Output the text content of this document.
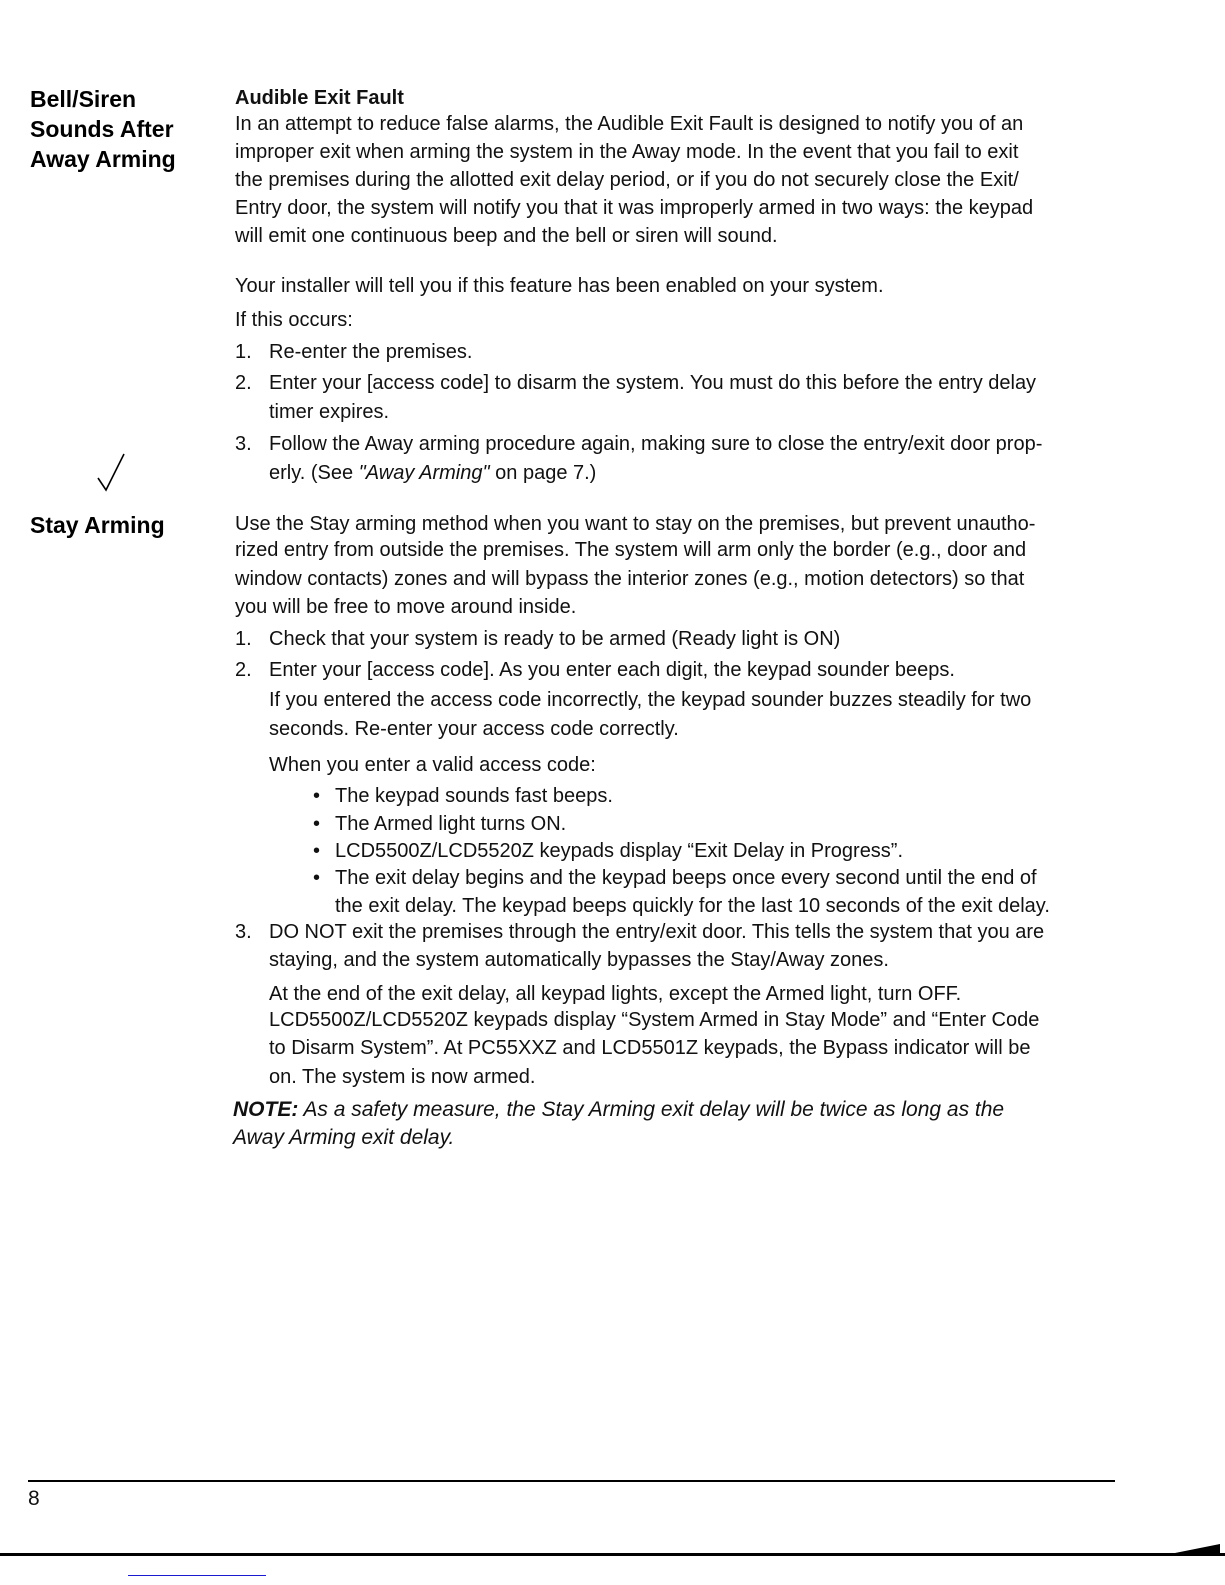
Bell/Siren
Sounds After
Away Arming
Stay Arming
Audible Exit Fault
In an attempt to reduce false alarms, the Audible Exit Fault is designed to notify you of an
improper exit when arming the system in the Away mode. In the event that you fail to exit
the premises during the allotted exit delay period, or if you do not securely close the Exit/
Entry door, the system will notify you that it was improperly armed in two ways: the keypad
will emit one continuous beep and the bell or siren will sound.
Your installer will tell you if this feature has been enabled on your system.
If this occurs:
1. Re-enter the premises.
2. Enter your [access code] to disarm the system. You must do this before the entry delay
timer expires.
3. Follow the Away arming procedure again, making sure to close the entry/exit door prop-
erly. (See "Away Arming" on page 7.)
Use the Stay arming method when you want to stay on the premises, but prevent unautho-
rized entry from outside the premises. The system will arm only the border (e.g., door and
window contacts) zones and will bypass the interior zones (e.g., motion detectors) so that
you will be free to move around inside.
1. Check that your system is ready to be armed (Ready light is ON)
2. Enter your [access code]. As you enter each digit, the keypad sounder beeps.
If you entered the access code incorrectly, the keypad sounder buzzes steadily for two
seconds. Re-enter your access code correctly.
When you enter a valid access code:
• The keypad sounds fast beeps.
• The Armed light turns ON.
• LCD5500Z/LCD5520Z keypads display “Exit Delay in Progress”.
• The exit delay begins and the keypad beeps once every second until the end of
the exit delay. The keypad beeps quickly for the last 10 seconds of the exit delay.
3. DO NOT exit the premises through the entry/exit door. This tells the system that you are
staying, and the system automatically bypasses the Stay/Away zones.
At the end of the exit delay, all keypad lights, except the Armed light, turn OFF.
LCD5500Z/LCD5520Z keypads display “System Armed in Stay Mode” and “Enter Code
to Disarm System”. At PC55XXZ and LCD5501Z keypads, the Bypass indicator will be
on. The system is now armed.
NOTE: As a safety measure, the Stay Arming exit delay will be twice as long as the
Away Arming exit delay.
8
